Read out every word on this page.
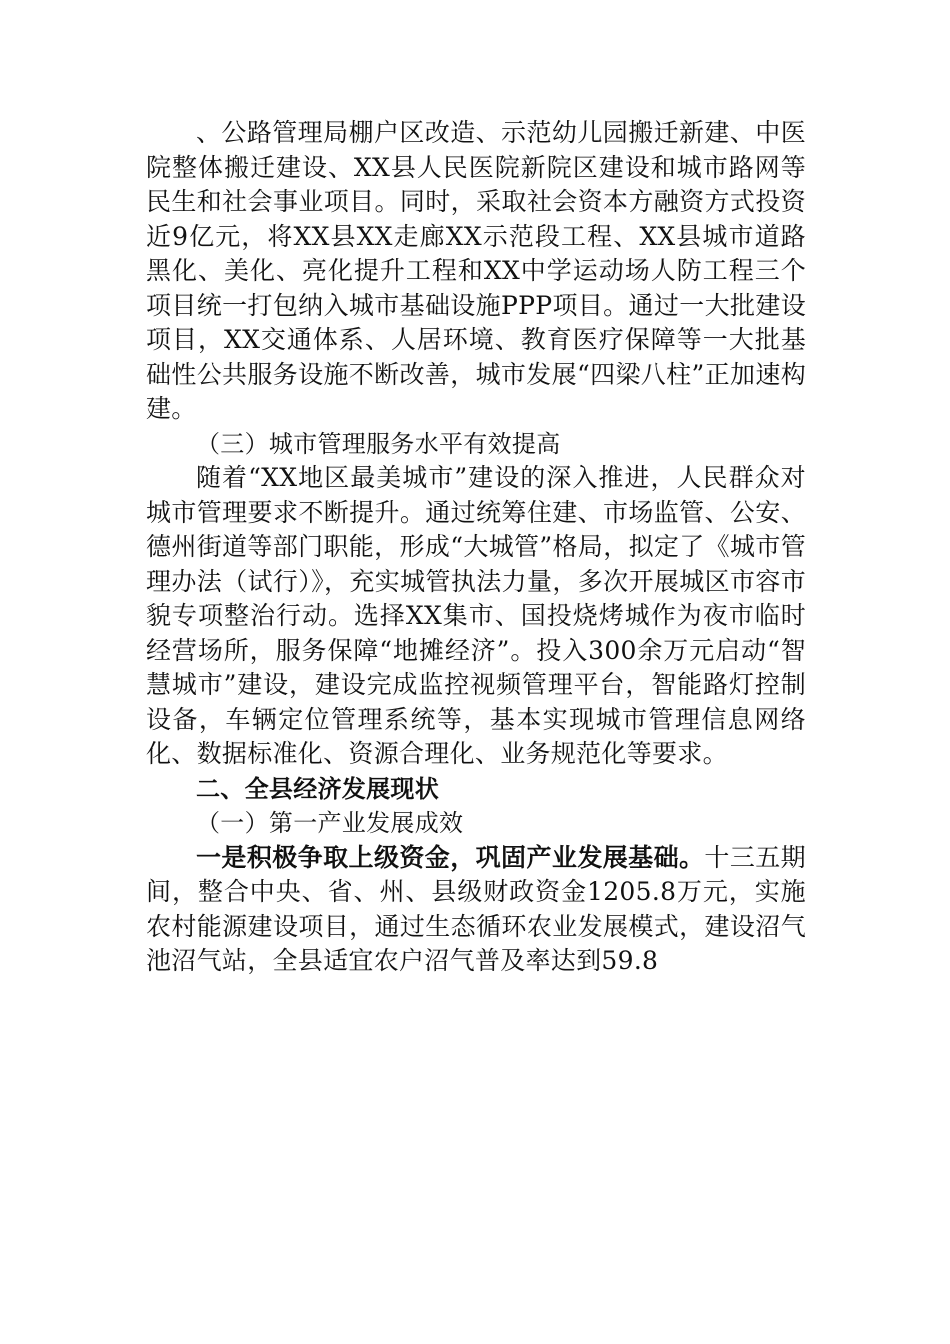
、公路管理局棚户区改造、示范幼儿园搬迁新建、中医院整体搬迁建设、XX县人民医院新院区建设和城市路网等民生和社会事业项目。同时，采取社会资本方融资方式投资近9亿元，将XX县XX走廊XX示范段工程、XX县城市道路黑化、美化、亮化提升工程和XX中学运动场人防工程三个项目统一打包纳入城市基础设施PPP项目。通过一大批建设项目，XX交通体系、人居环境、教育医疗保障等一大批基础性公共服务设施不断改善，城市发展“四梁八柱”正加速构建。

（三）城市管理服务水平有效提高

随着“XX地区最美城市”建设的深入推进，人民群众对城市管理要求不断提升。通过统筹住建、市场监管、公安、德州街道等部门职能，形成“大城管”格局，拟定了《城市管理办法（试行）》，充实城管执法力量，多次开展城区市容市貌专项整治行动。选择XX集市、国投烧烤城作为夜市临时经营场所，服务保障“地摊经济”。投入300余万元启动“智慧城市”建设，建设完成监控视频管理平台，智能路灯控制设备，车辆定位管理系统等，基本实现城市管理信息网络化、数据标准化、资源合理化、业务规范化等要求。

二、全县经济发展现状

（一）第一产业发展成效

一是积极争取上级资金，巩固产业发展基础。十三五期间，整合中央、省、州、县级财政资金1205.8万元，实施农村能源建设项目，通过生态循环农业发展模式，建设沼气池沼气站，全县适宜农户沼气普及率达到59.8
